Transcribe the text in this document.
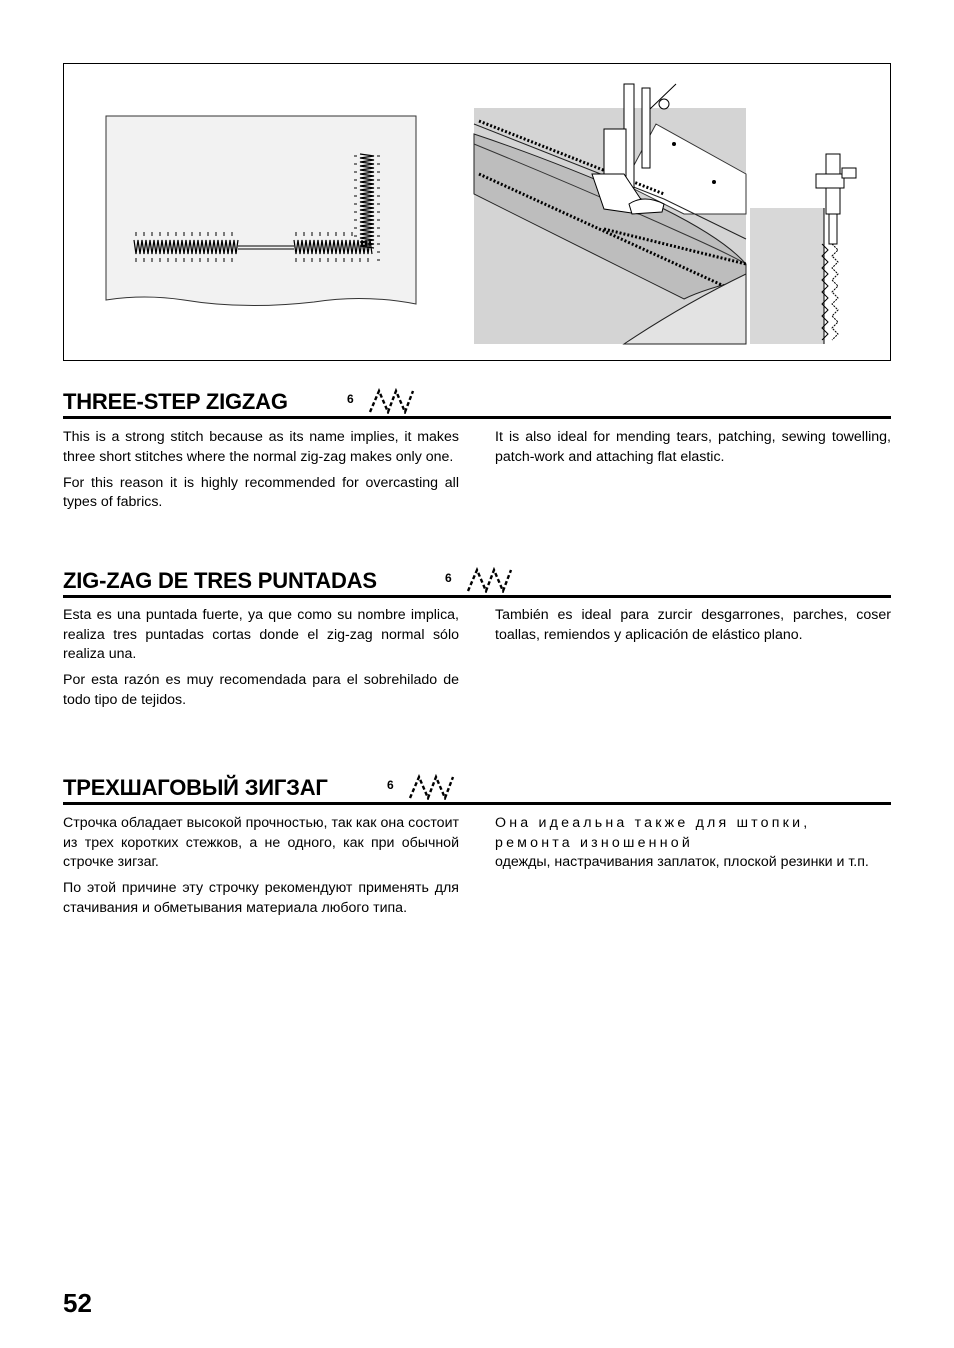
THREE-STEP ZIGZAG	6

This is a strong stitch because as its name implies, it makes three short stitches where the normal zig-zag makes only one.

For this reason it is highly recommended for overcasting all types of fabrics.

It is also ideal for mending tears, patching, sewing towelling, patch-work and attaching flat elastic.

ZIG-ZAG DE TRES PUNTADAS	6

Esta es una puntada fuerte, ya que como su nombre implica, realiza tres puntadas cortas donde el zig-zag normal sólo realiza una.

Por esta razón es muy recomendada para el sobrehilado de todo tipo de tejidos.

También es ideal para zurcir desgarrones, parches, coser toallas, remiendos y aplicación de elástico plano.

ТРЕХШАГОВЫЙ ЗИГЗАГ	6

Строчка обладает высокой прочностью, так как она состоит из трех коротких стежков, а не одного, как при обычной строчке зигзаг.

По этой причине эту строчку рекомендуют применять для стачивания и обметывания материала любого типа.

Она идеальна также для штопки, ремонта изношенной

одежды, настрачивания заплаток, плоской резинки и т.п.

52
